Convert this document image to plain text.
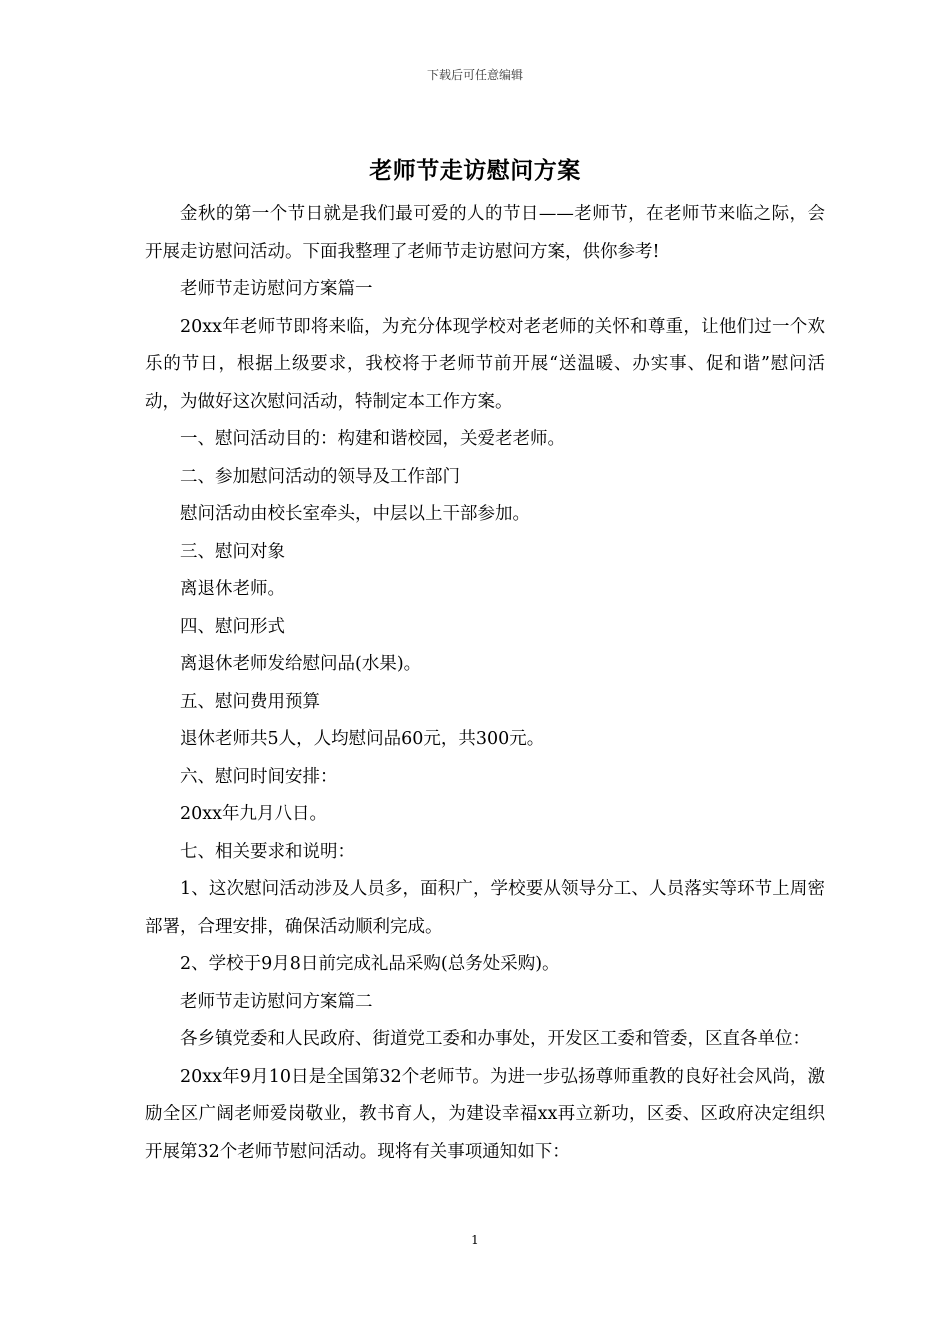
下载后可任意编辑
老师节走访慰问方案

金秋的第一个节日就是我们最可爱的人的节日——老师节，在老师节来临之际，会开展走访慰问活动。下面我整理了老师节走访慰问方案，供你参考!

老师节走访慰问方案篇一

20xx年老师节即将来临，为充分体现学校对老老师的关怀和尊重，让他们过一个欢乐的节日，根据上级要求，我校将于老师节前开展“送温暖、办实事、促和谐”慰问活动，为做好这次慰问活动，特制定本工作方案。

一、慰问活动目的：构建和谐校园，关爱老老师。

二、参加慰问活动的领导及工作部门

慰问活动由校长室牵头，中层以上干部参加。

三、慰问对象

离退休老师。

四、慰问形式

离退休老师发给慰问品(水果)。

五、慰问费用预算

退休老师共5人，人均慰问品60元，共300元。

六、慰问时间安排：

20xx年九月八日。

七、相关要求和说明：

1、这次慰问活动涉及人员多，面积广，学校要从领导分工、人员落实等环节上周密部署，合理安排，确保活动顺利完成。

2、学校于9月8日前完成礼品采购(总务处采购)。

老师节走访慰问方案篇二

各乡镇党委和人民政府、街道党工委和办事处，开发区工委和管委，区直各单位：

20xx年9月10日是全国第32个老师节。为进一步弘扬尊师重教的良好社会风尚，激励全区广阔老师爱岗敬业，教书育人，为建设幸福xx再立新功，区委、区政府决定组织开展第32个老师节慰问活动。现将有关事项通知如下：

1
